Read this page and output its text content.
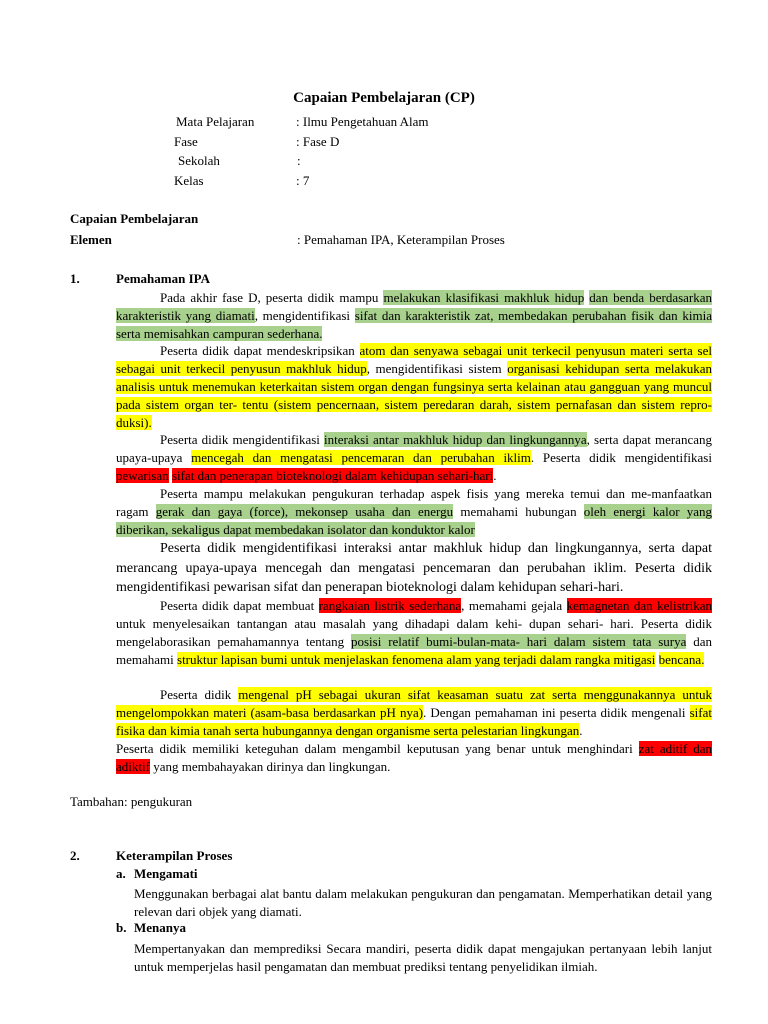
Capaian Pembelajaran (CP)
Mata Pelajaran	: Ilmu Pengetahuan Alam
Fase	: Fase D
Sekolah	:
Kelas	: 7
Capaian Pembelajaran
Elemen	: Pemahaman IPA, Keterampilan Proses
1.	Pemahaman IPA
Pada akhir fase D, peserta didik mampu melakukan klasifikasi makhluk hidup dan benda berdasarkan karakteristik yang diamati, mengidentifikasi sifat dan karakteristik zat, membedakan perubahan fisik dan kimia serta memisahkan campuran sederhana.
Peserta didik dapat mendeskripsikan atom dan senyawa sebagai unit terkecil penyusun materi serta sel sebagai unit terkecil penyusun makhluk hidup, mengidentifikasi sistem organisasi kehidupan serta melakukan analisis untuk menemukan keterkaitan sistem organ dengan fungsinya serta kelainan atau gangguan yang muncul pada sistem organ ter- tentu (sistem pencernaan, sistem peredaran darah, sistem pernafasan dan sistem repro- duksi).
Peserta didik mengidentifikasi interaksi antar makhluk hidup dan lingkungannya, serta dapat merancang upaya-upaya mencegah dan mengatasi pencemaran dan perubahan iklim. Peserta didik mengidentifikasi pewarisan sifat dan penerapan bioteknologi dalam kehidupan sehari-hari.
Peserta mampu melakukan pengukuran terhadap aspek fisis yang mereka temui dan me-manfaatkan ragam gerak dan gaya (force), mekonsep usaha dan energu memahami hubungan oleh energi kalor yang diberikan, sekaligus dapat membedakan isolator dan konduktor kalor
Peserta didik mengidentifikasi interaksi antar makhluk hidup dan lingkungannya, serta dapat merancang upaya-upaya mencegah dan mengatasi pencemaran dan perubahan iklim. Peserta didik mengidentifikasi pewarisan sifat dan penerapan bioteknologi dalam kehidupan sehari-hari.
Peserta didik dapat membuat rangkaian listrik sederhana, memahami gejala kemagnetan dan kelistrikan untuk menyelesaikan tantangan atau masalah yang dihadapi dalam kehi- dupan sehari- hari. Peserta didik mengelaborasikan pemahamannya tentang posisi relatif bumi-bulan-mata- hari dalam sistem tata surya dan memahami struktur lapisan bumi untuk menjelaskan fenomena alam yang terjadi dalam rangka mitigasi bencana.
Peserta didik mengenal pH sebagai ukuran sifat keasaman suatu zat serta menggunakannya untuk mengelompokkan materi (asam-basa berdasarkan pH nya). Dengan pemahaman ini peserta didik mengenali sifat fisika dan kimia tanah serta hubungannya dengan organisme serta pelestarian lingkungan.
Peserta didik memiliki keteguhan dalam mengambil keputusan yang benar untuk menghindari zat aditif dan adiktif yang membahayakan dirinya dan lingkungan.
Tambahan: pengukuran
2.	Keterampilan Proses
a. Mengamati
Menggunakan berbagai alat bantu dalam melakukan pengukuran dan pengamatan. Memperhatikan detail yang relevan dari objek yang diamati.
b. Menanya
Mempertanyakan dan memprediksi Secara mandiri, peserta didik dapat mengajukan pertanyaan lebih lanjut untuk memperjelas hasil pengamatan dan membuat prediksi tentang penyelidikan ilmiah.
